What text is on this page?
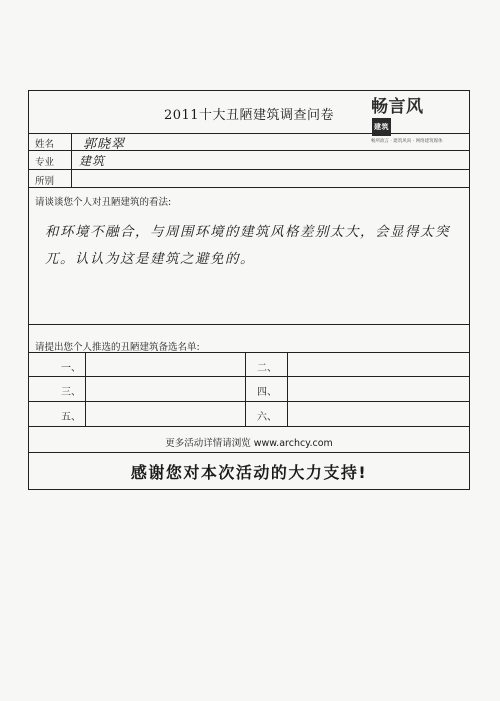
2011十大丑陋建筑调查问卷	畅言风建筑
畅所欲言 · 建筑风尚 · 网络建筑媒体
姓名 郭晓翠
专业 建筑
所别
请谈谈您个人对丑陋建筑的看法:
和环境不融合，与周围环境的建筑风格差别太大，会显得太突兀。认认为这是建筑之避免的。
请提出您个人推选的丑陋建筑备选名单:
一、	二、
三、	四、
五、	六、
更多活动详情请浏览 www.archcy.com
感谢您对本次活动的大力支持!
